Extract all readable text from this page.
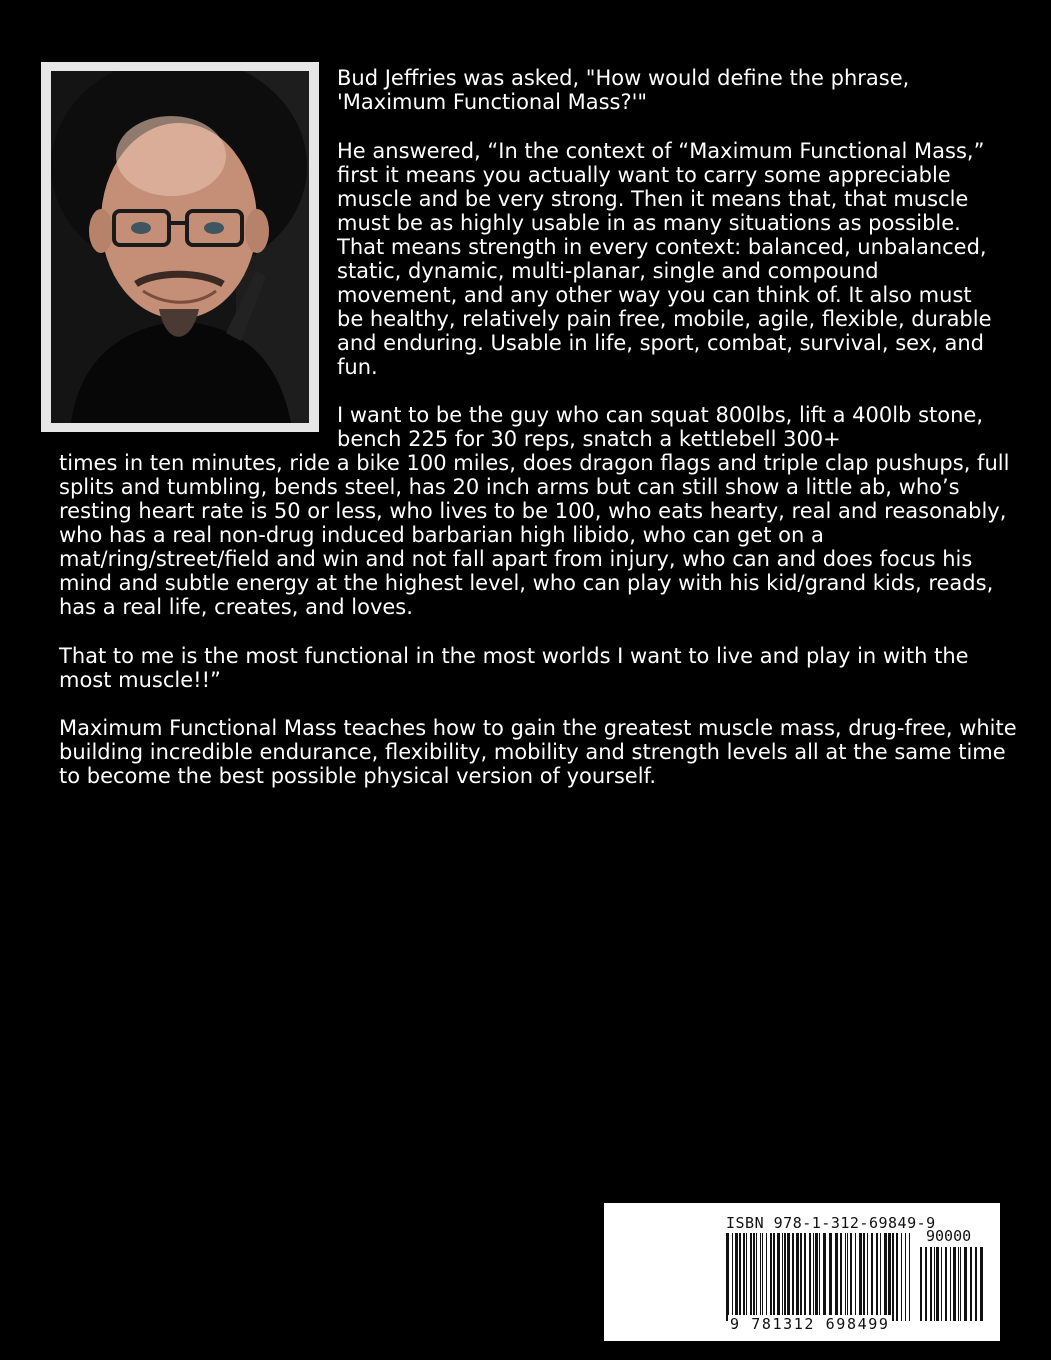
Bud Jeffries was asked, "How would define the phrase, 'Maximum Functional Mass?'"

He answered, “In the context of “Maximum Functional Mass,” first it means you actually want to carry some appreciable muscle and be very strong. Then it means that, that muscle must be as highly usable in as many situations as possible. That means strength in every context: balanced, unbalanced, static, dynamic, multi-planar, single and compound movement, and any other way you can think of. It also must be healthy, relatively pain free, mobile, agile, flexible, durable and enduring. Usable in life, sport, combat, survival, sex, and fun.

I want to be the guy who can squat 800lbs, lift a 400lb stone, bench 225 for 30 reps, snatch a kettlebell 300+

times in ten minutes, ride a bike 100 miles, does dragon flags and triple clap pushups, full splits and tumbling, bends steel, has 20 inch arms but can still show a little ab, who’s resting heart rate is 50 or less, who lives to be 100, who eats hearty, real and reasonably, who has a real non-drug induced barbarian high libido, who can get on a mat/ring/street/field and win and not fall apart from injury, who can and does focus his mind and subtle energy at the highest level, who can play with his kid/grand kids, reads, has a real life, creates, and loves.

That to me is the most functional in the most worlds I want to live and play in with the most muscle!!”

Maximum Functional Mass teaches how to gain the greatest muscle mass, drug-free, white building incredible endurance, flexibility, mobility and strength levels all at the same time to become the best possible physical version of yourself.

ISBN 978-1-312-69849-9

90000

9 781312 698499
